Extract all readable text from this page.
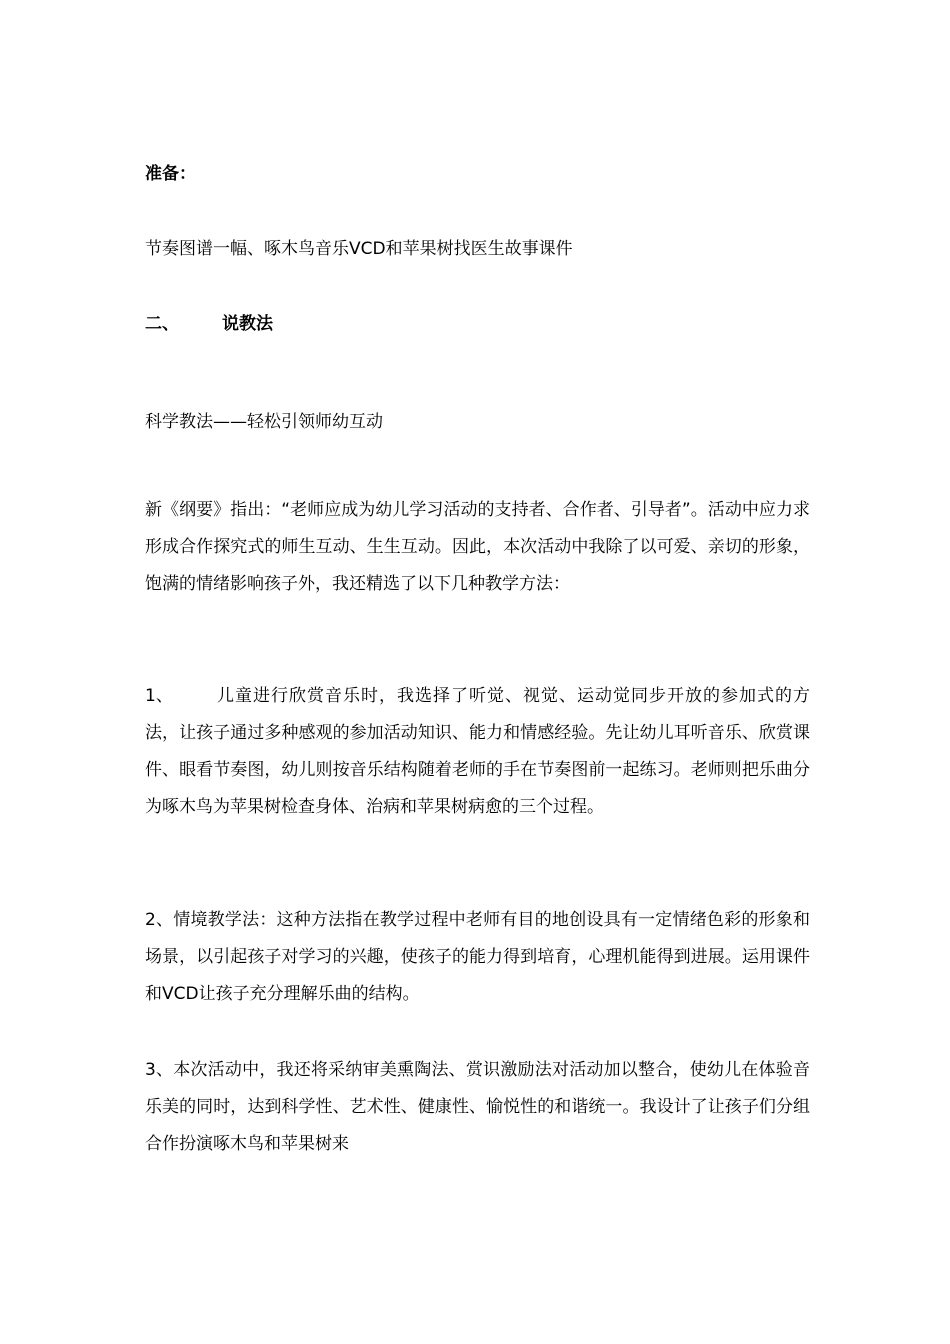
准备：

节奏图谱一幅、啄木鸟音乐VCD和苹果树找医生故事课件

二、	说教法

科学教法——轻松引领师幼互动

新《纲要》指出：“老师应成为幼儿学习活动的支持者、合作者、引导者”。活动中应力求形成合作探究式的师生互动、生生互动。因此，本次活动中我除了以可爱、亲切的形象，饱满的情绪影响孩子外，我还精选了以下几种教学方法：

1、	儿童进行欣赏音乐时，我选择了听觉、视觉、运动觉同步开放的参加式的方法，让孩子通过多种感观的参加活动知识、能力和情感经验。先让幼儿耳听音乐、欣赏课件、眼看节奏图，幼儿则按音乐结构随着老师的手在节奏图前一起练习。老师则把乐曲分为啄木鸟为苹果树检查身体、治病和苹果树病愈的三个过程。

2、情境教学法：这种方法指在教学过程中老师有目的地创设具有一定情绪色彩的形象和场景，以引起孩子对学习的兴趣，使孩子的能力得到培育，心理机能得到进展。运用课件和VCD让孩子充分理解乐曲的结构。

3、本次活动中，我还将采纳审美熏陶法、赏识激励法对活动加以整合，使幼儿在体验音乐美的同时，达到科学性、艺术性、健康性、愉悦性的和谐统一。我设计了让孩子们分组合作扮演啄木鸟和苹果树来
